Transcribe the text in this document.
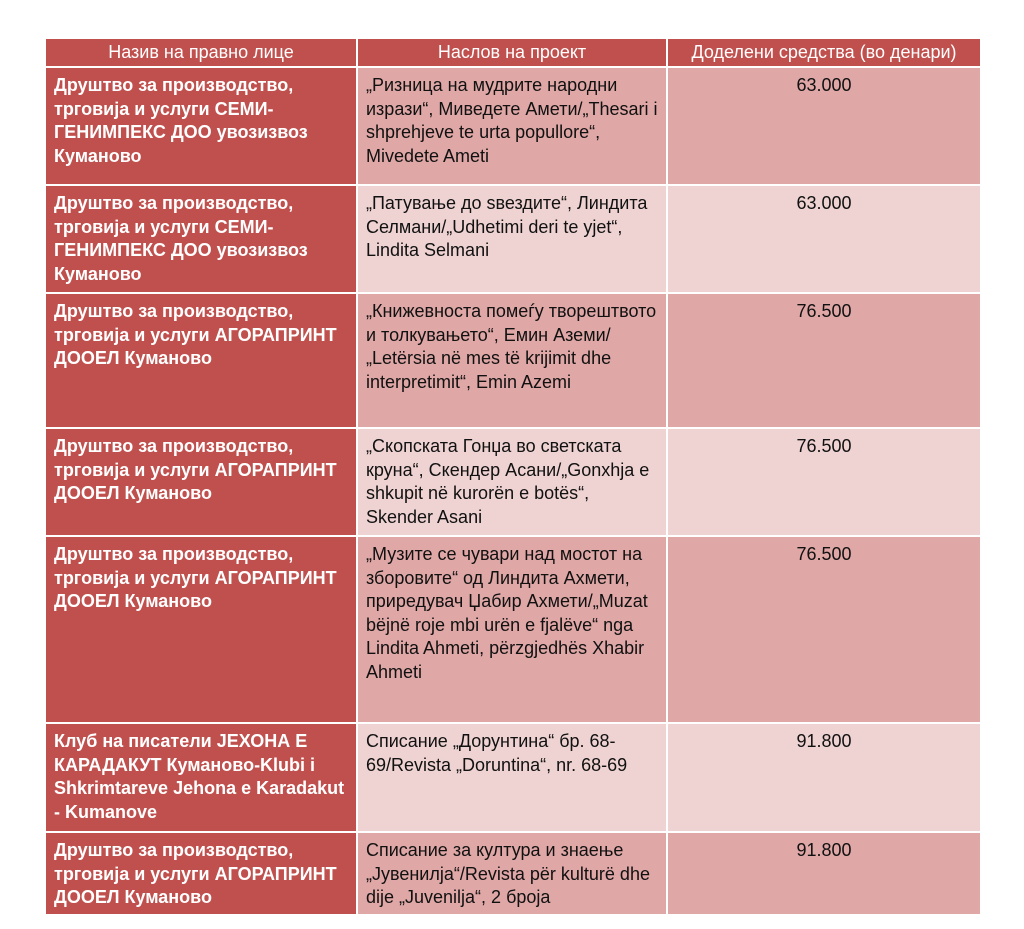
Назив на правно лице	Наслов на проект	Доделени средства (во денари)
Друштво за производство, трговија и услуги СЕМИ-ГЕНИМПЕКС ДОО увозизвоз Куманово
„Ризница на мудрите народни изрази“, Миведете Амети/„Thesari i shprehjeve te urta popullore“, Mivedete Ameti
63.000
Друштво за производство, трговија и услуги СЕМИ-ГЕНИМПЕКС ДОО увозизвоз Куманово
„Патување до ѕвездите“, Линдита Селмани/„Udhetimi deri te yjet“, Lindita Selmani
63.000
Друштво за производство, трговија и услуги АГОРАПРИНТ ДООЕЛ Куманово
„Книжевноста помеѓу творештвото и толкувањето“, Емин Аземи/„Letërsia në mes të krijimit dhe interpretimit“, Emin Azemi
76.500
Друштво за производство, трговија и услуги АГОРАПРИНТ ДООЕЛ Куманово
„Скопската Гонџа во светската круна“, Скендер Асани/„Gonxhja e shkupit në kurorën e botës“, Skender Asani
76.500
Друштво за производство, трговија и услуги АГОРАПРИНТ ДООЕЛ Куманово
„Музите се чувари над мостот на зборовите“ од Линдита Ахмети, приредувач Џабир Ахмети/„Muzat bëjnë roje mbi urën e fjalëve“ nga Lindita Ahmeti, përzgjedhës Xhabir Ahmeti
76.500
Клуб на писатели ЈЕХОНА Е КАРАДАКУТ Куманово-Klubi i Shkrimtareve Jehona e Karadakut - Kumanove
Списание „Дорунтина“ бр. 68-69/Revista „Doruntina“, nr. 68-69
91.800
Друштво за производство, трговија и услуги АГОРАПРИНТ ДООЕЛ Куманово
Списание за култура и знаење „Јувенилја“/Revista për kulturë dhe dije „Juvenilja“, 2 броја
91.800
